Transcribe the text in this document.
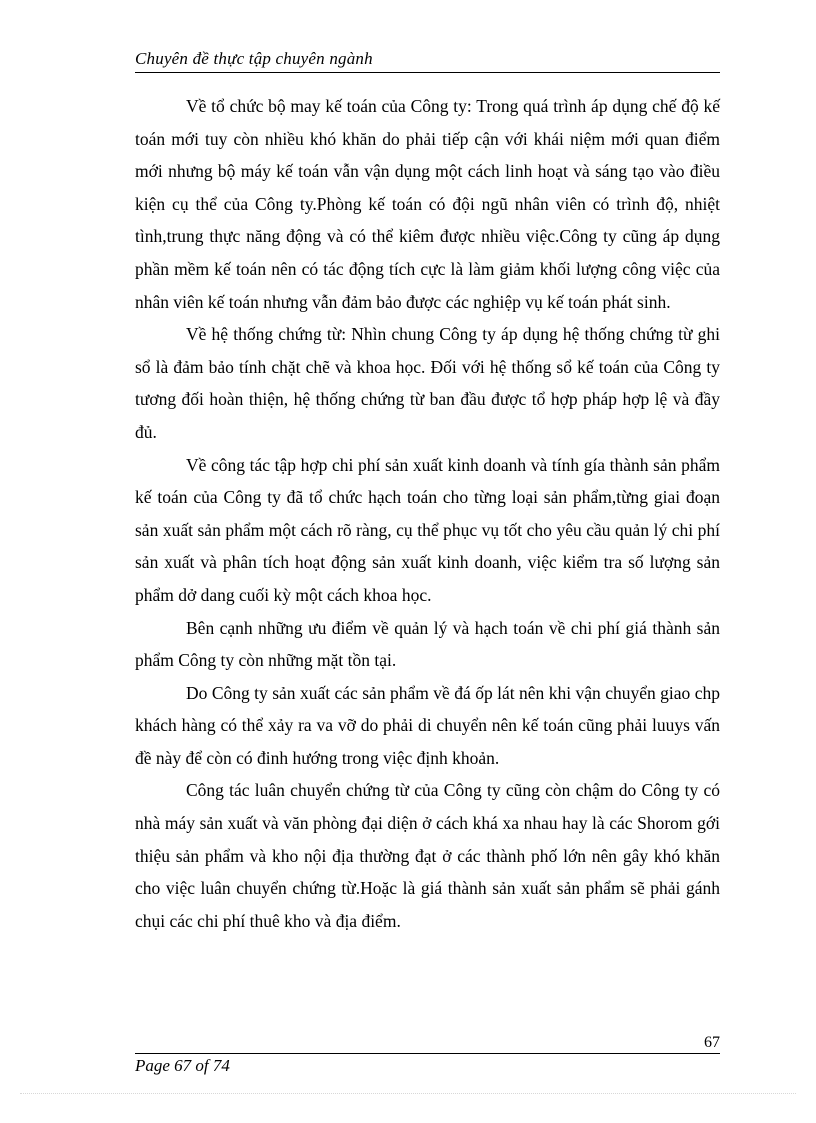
Chuyên đề thực tập chuyên ngành

Về tổ chức bộ may kế toán của Công ty: Trong quá trình áp dụng chế độ kế toán mới tuy còn nhiều khó khăn do phải tiếp cận với khái niệm mới quan điểm mới nhưng bộ máy kế toán vẫn vận dụng một cách linh hoạt và sáng tạo vào điều kiện cụ thể của Công ty.Phòng kế toán có đội ngũ nhân viên có trình độ, nhiệt tình,trung thực năng động và có thể kiêm được nhiều việc.Công ty cũng áp dụng phần mềm kế toán nên có tác động tích cực là làm giảm khối lượng công việc của nhân viên kế toán nhưng vẫn đảm bảo được các nghiệp vụ kế toán phát sinh.

Về hệ thống chứng từ: Nhìn chung Công ty áp dụng hệ thống chứng từ ghi sổ là đảm bảo tính chặt chẽ và khoa học. Đối với hệ thống sổ kế toán của Công ty tương đối hoàn thiện, hệ thống chứng từ ban đầu được tổ hợp pháp hợp lệ và đầy đủ.

Về công tác tập hợp chi phí sản xuất kinh doanh và tính gía thành sản phẩm kế toán của Công ty đã tổ chức hạch toán cho từng loại sản phẩm,từng giai đoạn sản xuất sản phẩm một cách rõ ràng, cụ thể phục vụ tốt cho yêu cầu quản lý chi phí sản xuất và phân tích hoạt động sản xuất kinh doanh, việc kiểm tra số lượng sản phẩm dở dang cuối kỳ một cách khoa học.

Bên cạnh những ưu điểm về quản lý và hạch toán về chi phí giá thành sản phẩm Công ty còn những mặt tồn tại.

Do Công ty sản xuất các sản phẩm về đá ốp lát nên khi vận chuyển giao chp khách hàng có thể xảy ra va vỡ do phải di chuyển nên kế toán cũng phải luuys vấn đề này để còn có đinh hướng trong việc định khoản.

Công tác luân chuyển chứng từ của Công ty cũng còn chậm do Công ty có nhà máy sản xuất và văn phòng đại diện ở cách khá xa nhau hay là các Shorom gới thiệu sản phẩm và kho nội địa thường đạt ở các thành phố lớn nên gây khó khăn cho việc luân chuyển chứng từ.Hoặc là giá thành sản xuất sản phẩm sẽ phải gánh chụi các chi phí thuê kho và địa điểm.

67
Page 67 of 74
